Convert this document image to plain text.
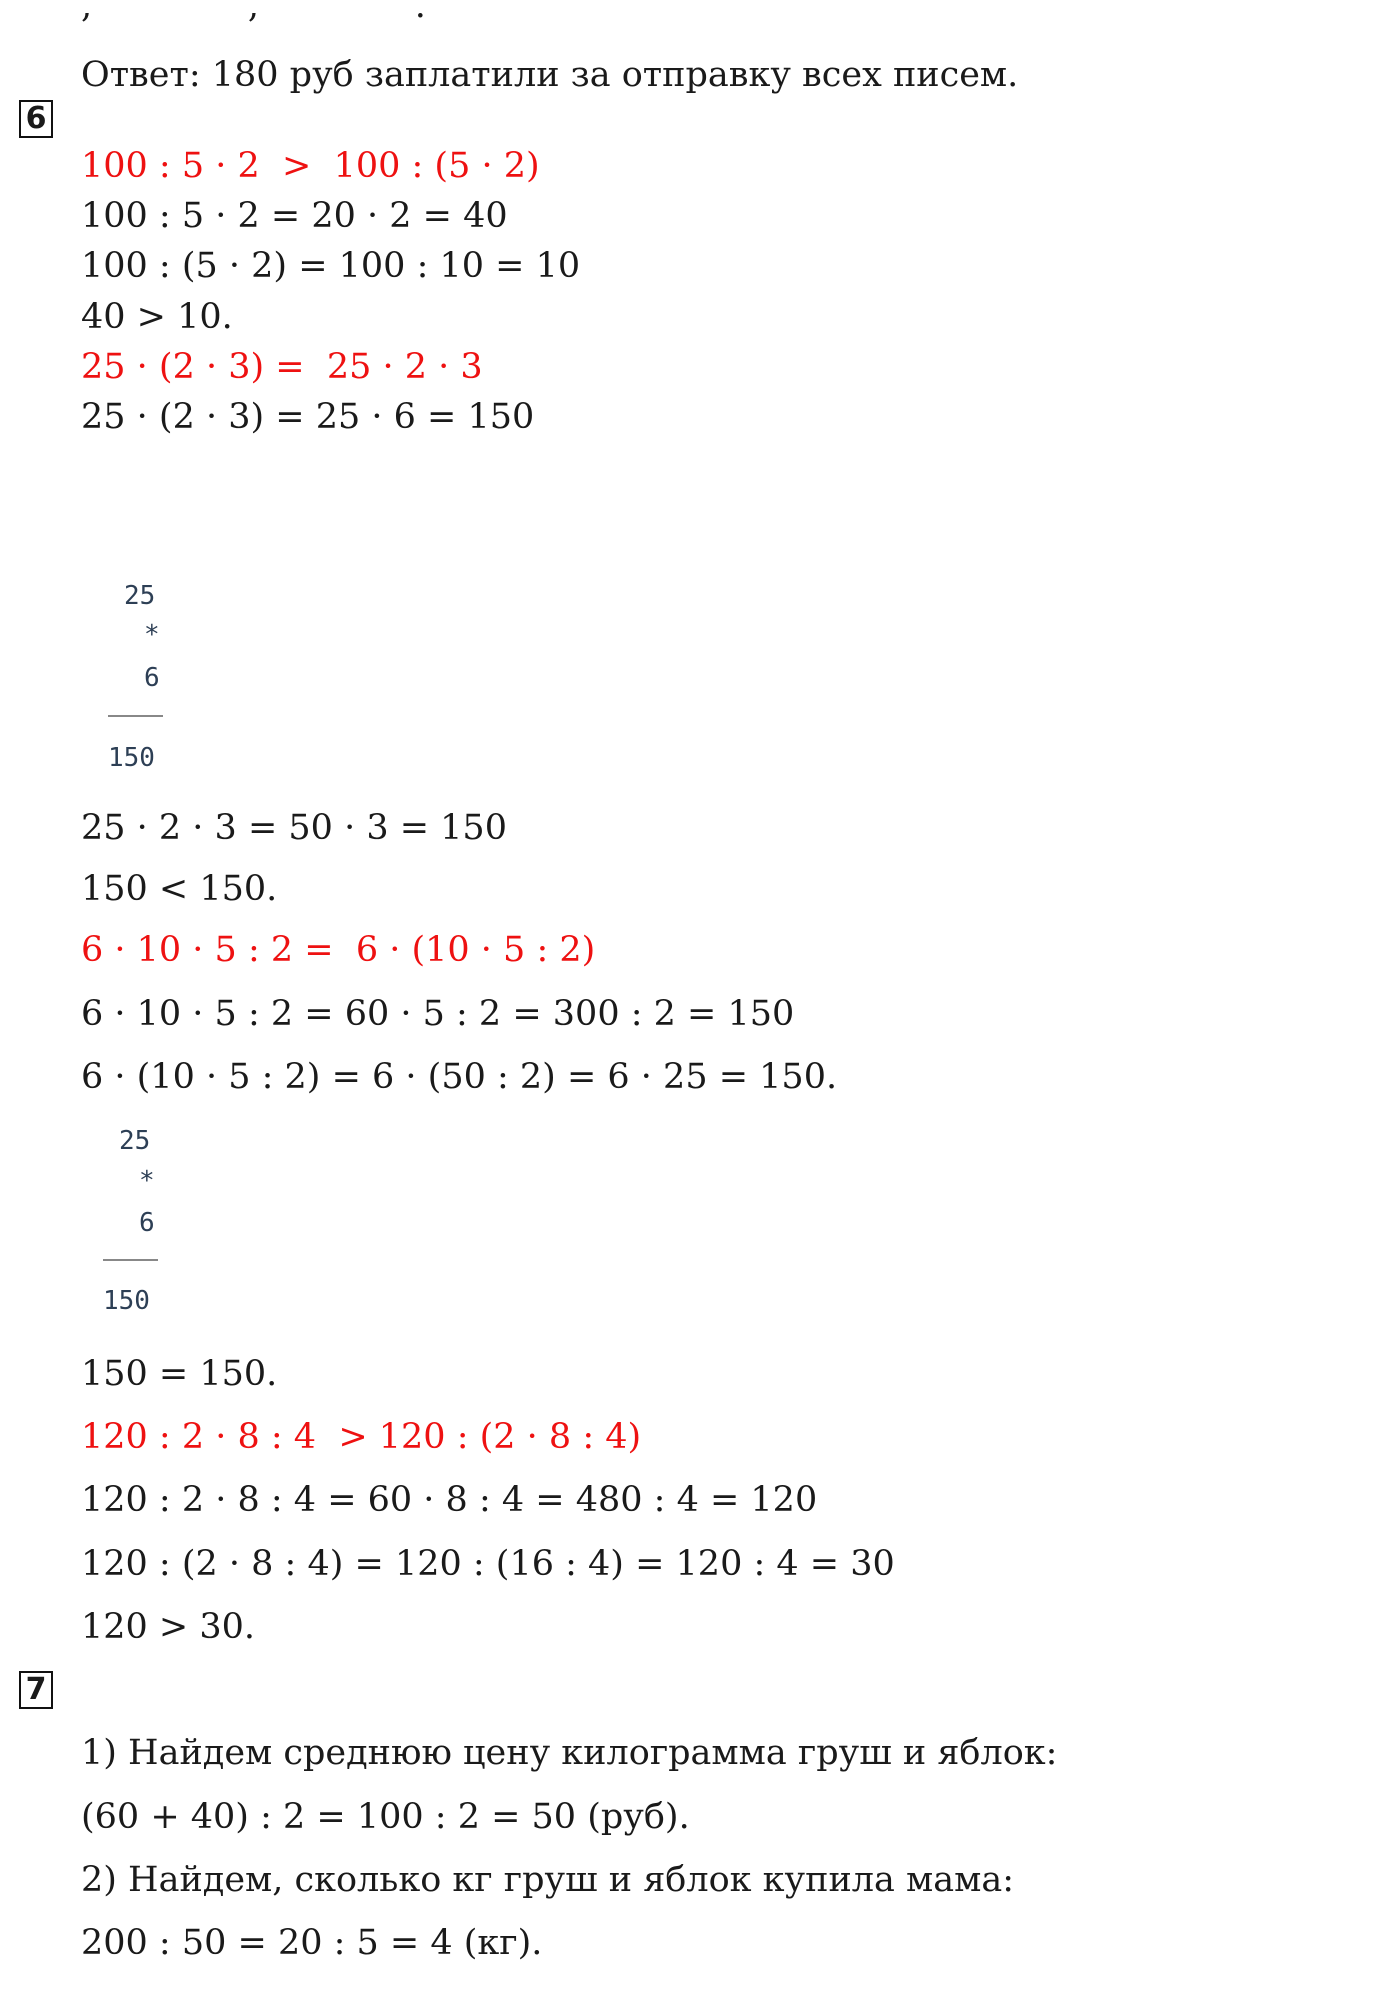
,              ,              .

Ответ: 180 руб заплатили за отправку всех писем.

6

100 : 5 · 2  >  100 : (5 · 2)

100 : 5 · 2 = 20 · 2 = 40

100 : (5 · 2) = 100 : 10 = 10

40 > 10.

25 · (2 · 3) =  25 · 2 · 3

25 · (2 · 3) = 25 · 6 = 150

25
*
6
150

25 · 2 · 3 = 50 · 3 = 150

150 < 150.

6 · 10 · 5 : 2 =  6 · (10 · 5 : 2)

6 · 10 · 5 : 2 = 60 · 5 : 2 = 300 : 2 = 150

6 · (10 · 5 : 2) = 6 · (50 : 2) = 6 · 25 = 150.

25
*
6
150

150 = 150.

120 : 2 · 8 : 4  > 120 : (2 · 8 : 4)

120 : 2 · 8 : 4 = 60 · 8 : 4 = 480 : 4 = 120

120 : (2 · 8 : 4) = 120 : (16 : 4) = 120 : 4 = 30

120 > 30.

7

1) Найдем среднюю цену килограмма груш и яблок:

(60 + 40) : 2 = 100 : 2 = 50 (руб).

2) Найдем, сколько кг груш и яблок купила мама:

200 : 50 = 20 : 5 = 4 (кг).
